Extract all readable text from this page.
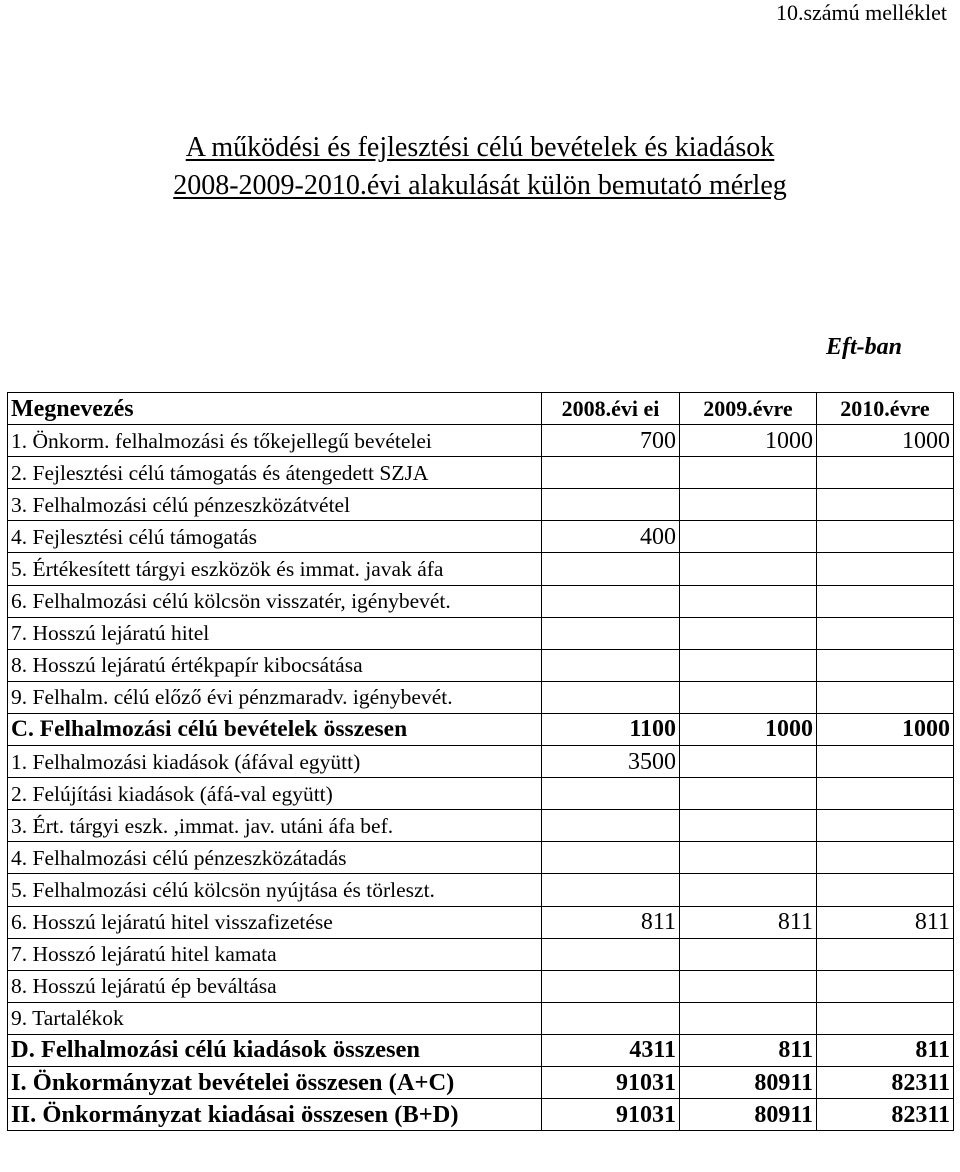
10.számú melléklet
A működési és fejlesztési célú bevételek és kiadások
2008-2009-2010.évi alakulását külön bemutató mérleg
Eft-ban
Megnevezés	2008.évi ei	2009.évre	2010.évre
1. Önkorm. felhalmozási és tőkejellegű bevételei	700	1000	1000
2. Fejlesztési célú támogatás és átengedett SZJA			
3. Felhalmozási célú pénzeszközátvétel			
4. Fejlesztési célú támogatás	400		
5. Értékesített tárgyi eszközök és immat. javak áfa			
6. Felhalmozási célú kölcsön visszatér, igénybevét.			
7. Hosszú lejáratú hitel			
8. Hosszú lejáratú értékpapír kibocsátása			
9. Felhalm. célú előző évi pénzmaradv. igénybevét.			
C. Felhalmozási célú bevételek összesen	1100	1000	1000
1. Felhalmozási kiadások (áfával együtt)	3500		
2. Felújítási kiadások (áfá-val együtt)			
3. Ért. tárgyi eszk. ,immat. jav. utáni áfa bef.			
4. Felhalmozási célú pénzeszközátadás			
5. Felhalmozási célú kölcsön nyújtása és törleszt.			
6. Hosszú lejáratú hitel visszafizetése	811	811	811
7. Hosszó lejáratú hitel kamata			
8. Hosszú lejáratú ép beváltása			
9. Tartalékok			
D. Felhalmozási célú kiadások összesen	4311	811	811
I. Önkormányzat bevételei összesen (A+C)	91031	80911	82311
II. Önkormányzat kiadásai összesen (B+D)	91031	80911	82311
